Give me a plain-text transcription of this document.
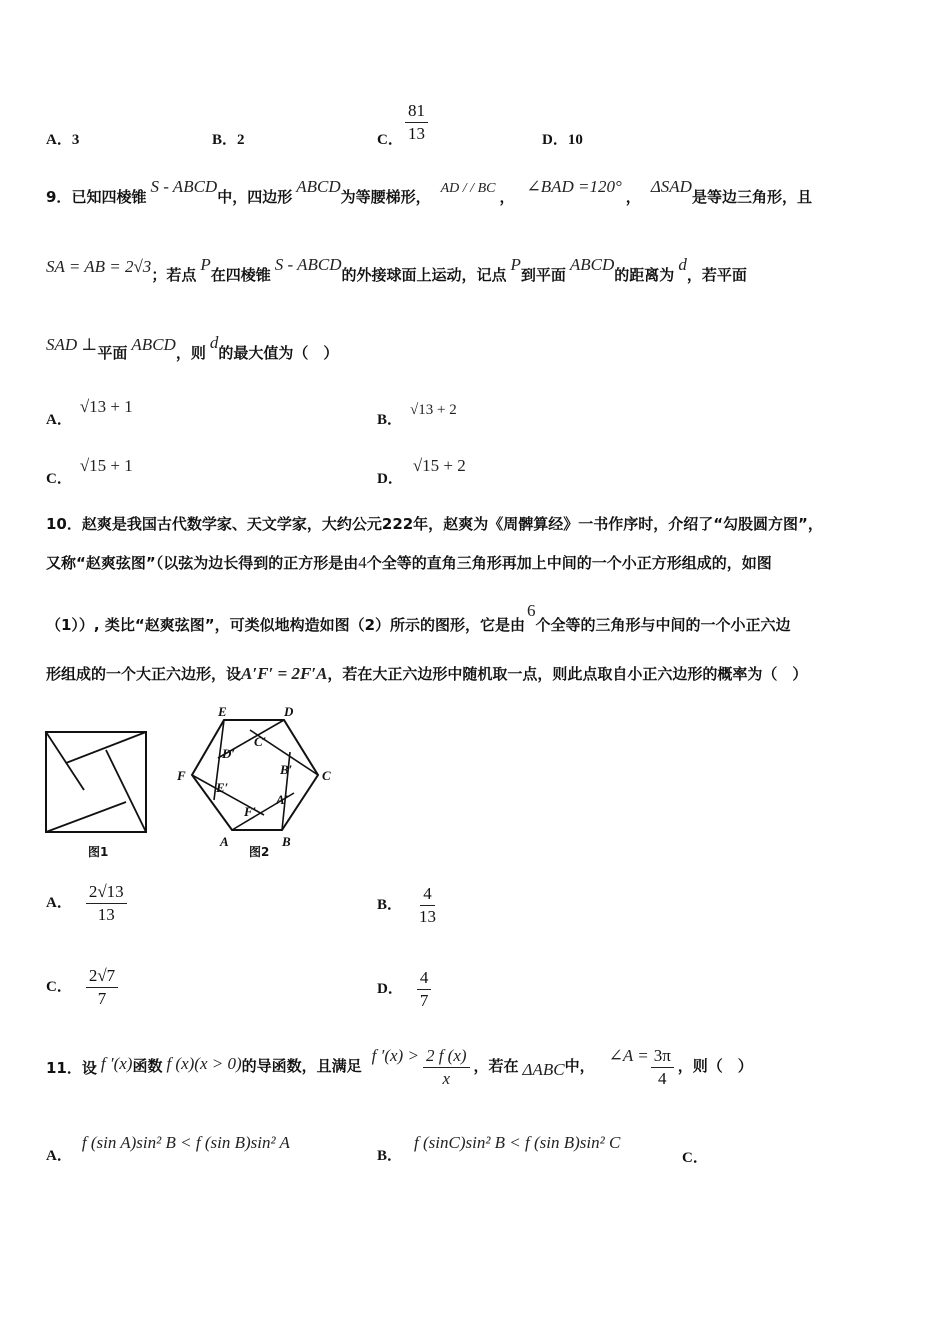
A．3	B．2	C． $\frac{81}{13}$	D．10
9．已知四棱锥 S - ABCD中，四边形 ABCD为等腰梯形， AD / / BC ， ∠BAD =120°， ΔSAD是等边三角形，且
SA = AB = 2√3；若点 P在四棱锥 S - ABCD的外接球面上运动，记点 P到平面 ABCD的距离为 d，若平面
SAD ⊥平面 ABCD，则 d的最大值为（　）
A．√13 + 1
B．√13 + 2
C．√15 + 1
D．√15 + 2
10．赵爽是我国古代数学家、天文学家，大约公元222年，赵爽为《周髀算经》一书作序时，介绍了“勾股圆方图”，
又称“赵爽弦图”（以弦为边长得到的正方形是由4个全等的直角三角形再加上中间的一个小正方形组成的，如图
（1））, 类比“赵爽弦图”，可类似地构造如图（2）所示的图形，它是由6个全等的三角形与中间的一个小正六边
形组成的一个大正六边形，设A′F′ = 2F′A，若在大正六边形中随机取一点，则此点取自小正六边形的概率为（　）
图1
A	B
C
D
E
F
A′
B′
C′
D′
E′
F′
图2
A． $\frac{2√13}{13}$	B． $\frac{4}{13}$
C． $\frac{2√7}{7}$	D． $\frac{4}{7}$
11．设 f ′(x)函数 f (x)(x > 0)的导函数，且满足 f $'(x) > \frac{2 f (x)}{x}$ ，若在 ΔABC中， ∠A = $\frac{3\pi}{4}$ ，则（　）
A．f (sin A)sin² B < f (sin B)sin² A
B．f (sinC)sin² B < f (sin B)sin² C
C．
